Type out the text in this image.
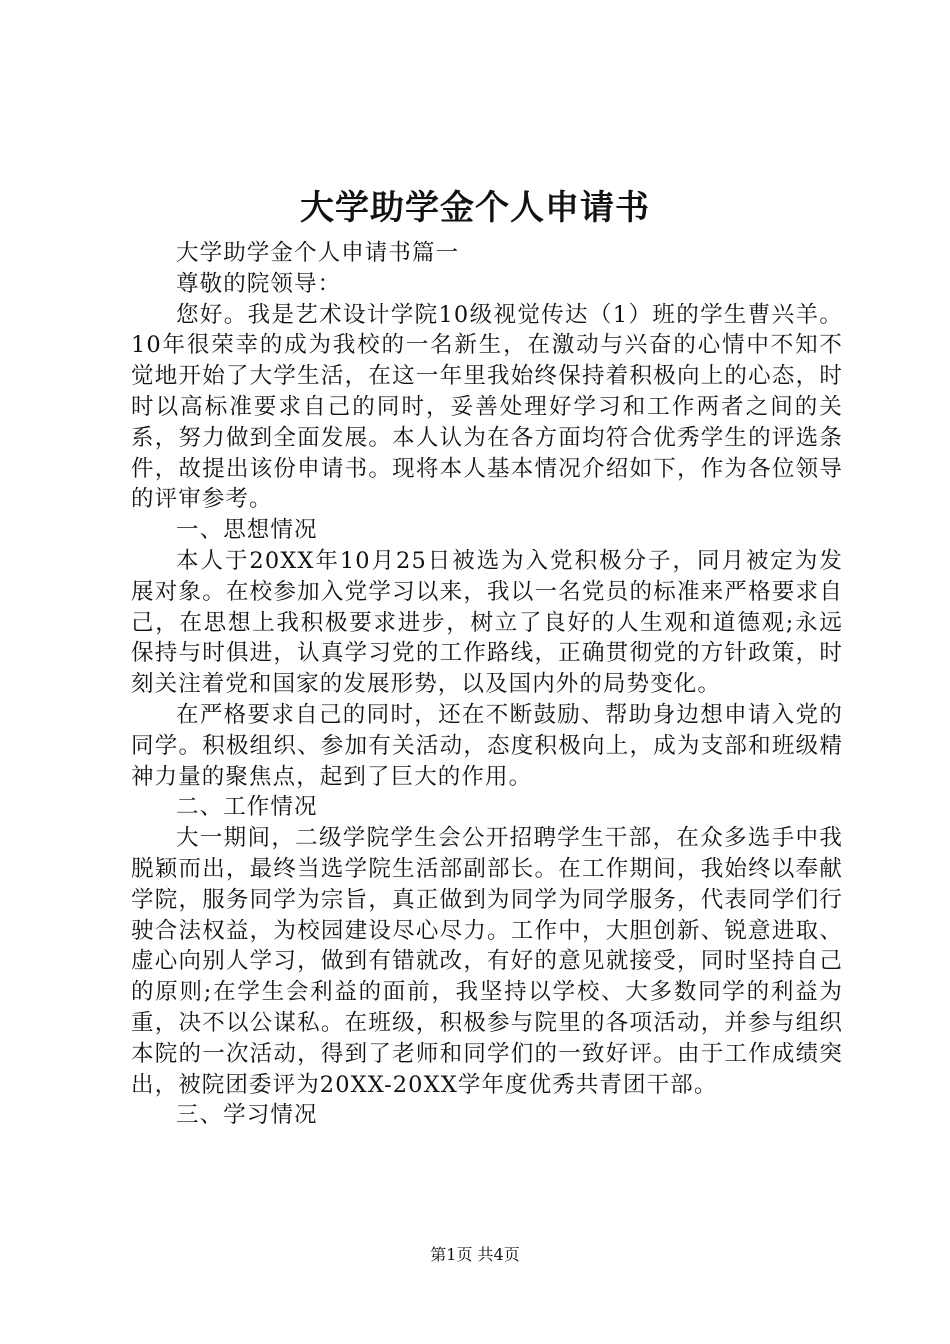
大学助学金个人申请书

大学助学金个人申请书篇一

尊敬的院领导：

您好。我是艺术设计学院10级视觉传达（1）班的学生曹兴羊。10年很荣幸的成为我校的一名新生，在激动与兴奋的心情中不知不觉地开始了大学生活，在这一年里我始终保持着积极向上的心态，时时以高标准要求自己的同时，妥善处理好学习和工作两者之间的关系，努力做到全面发展。本人认为在各方面均符合优秀学生的评选条件，故提出该份申请书。现将本人基本情况介绍如下，作为各位领导的评审参考。

一、思想情况

本人于20XX年10月25日被选为入党积极分子，同月被定为发展对象。在校参加入党学习以来，我以一名党员的标准来严格要求自己，在思想上我积极要求进步，树立了良好的人生观和道德观;永远保持与时俱进，认真学习党的工作路线，正确贯彻党的方针政策，时刻关注着党和国家的发展形势，以及国内外的局势变化。

在严格要求自己的同时，还在不断鼓励、帮助身边想申请入党的同学。积极组织、参加有关活动，态度积极向上，成为支部和班级精神力量的聚焦点，起到了巨大的作用。

二、工作情况

大一期间，二级学院学生会公开招聘学生干部，在众多选手中我脱颖而出，最终当选学院生活部副部长。在工作期间，我始终以奉献学院，服务同学为宗旨，真正做到为同学为同学服务，代表同学们行驶合法权益，为校园建设尽心尽力。工作中，大胆创新、锐意进取、虚心向别人学习，做到有错就改，有好的意见就接受，同时坚持自己的原则;在学生会利益的面前，我坚持以学校、大多数同学的利益为重，决不以公谋私。在班级，积极参与院里的各项活动，并参与组织本院的一次活动，得到了老师和同学们的一致好评。由于工作成绩突出，被院团委评为20XX-20XX学年度优秀共青团干部。

三、学习情况

第1页 共4页
